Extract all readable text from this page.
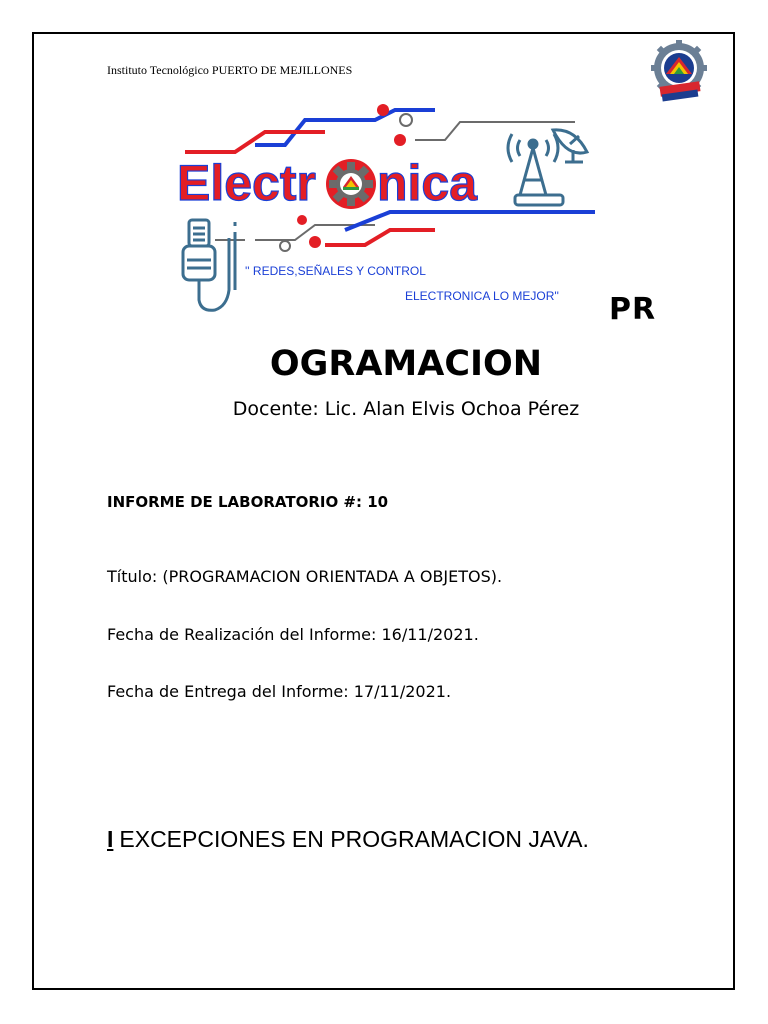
Instituto Tecnológico PUERTO DE MEJILLONES
Electr nica
'' REDES,SEÑALES Y CONTROL
ELECTRONICA LO MEJOR'' PR
OGRAMACION
Docente: Lic. Alan Elvis Ochoa Pérez
INFORME DE LABORATORIO #: 10
Título: (PROGRAMACION ORIENTADA A OBJETOS).
Fecha de Realización del Informe: 16/11/2021.
Fecha de Entrega del Informe: 17/11/2021.
I EXCEPCIONES EN PROGRAMACION JAVA.
